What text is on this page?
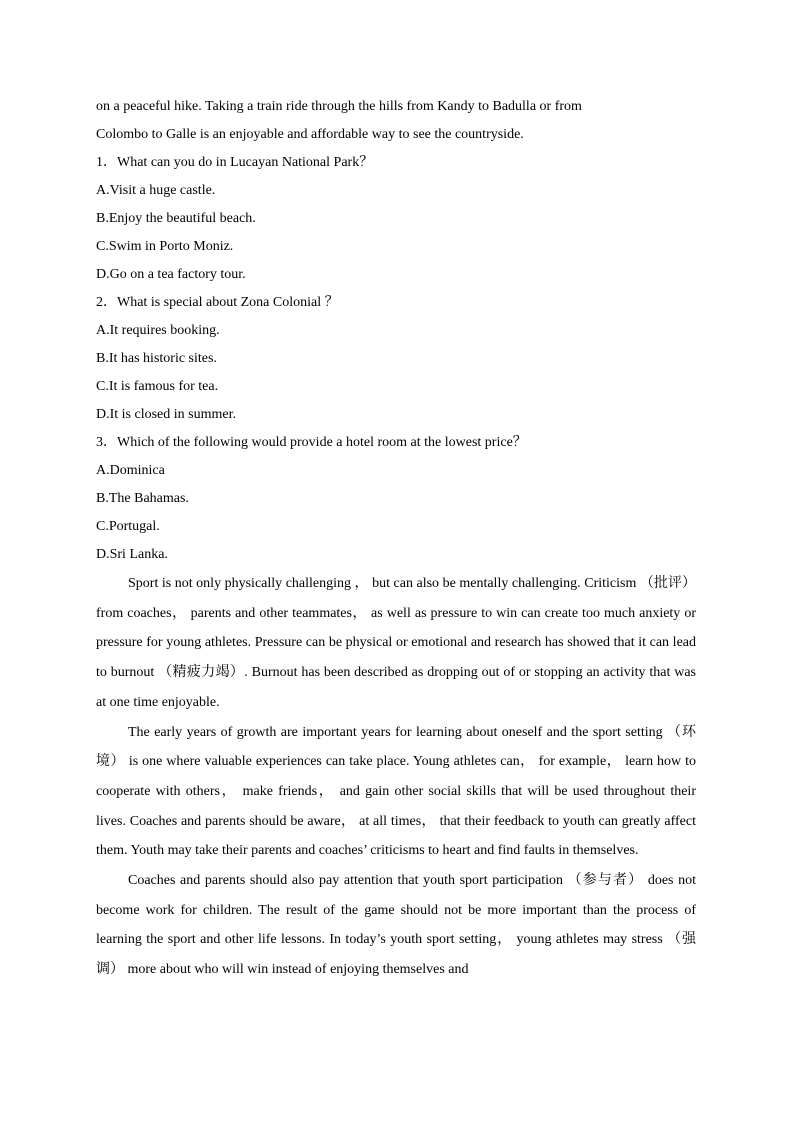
on a peaceful hike. Taking a train ride through the hills from Kandy to Badulla or from
Colombo to Galle is an enjoyable and affordable way to see the countryside.
1．What can you do in Lucayan National Park？
A.Visit a huge castle.
B.Enjoy the beautiful beach.
C.Swim in Porto Moniz.
D.Go on a tea factory tour.
2．What is special about Zona Colonial ？
A.It requires booking.
B.It has historic sites.
C.It is famous for tea.
D.It is closed in summer.
3．Which of the following would provide a hotel room at the lowest price？
A.Dominica
B.The Bahamas.
C.Portugal.
D.Sri Lanka.

Sport is not only physically challenging ， but can also be mentally challenging. Criticism （批评） from coaches， parents and other teammates， as well as pressure to win can create too much anxiety or pressure for young athletes. Pressure can be physical or emotional and research has showed that it can lead to burnout （精疲力竭）. Burnout has been described as dropping out of or stopping an activity that was at one time enjoyable.

The early years of growth are important years for learning about oneself and the sport setting （环境） is one where valuable experiences can take place. Young athletes can， for example， learn how to cooperate with others， make friends， and gain other social skills that will be used throughout their lives. Coaches and parents should be aware， at all times， that their feedback to youth can greatly affect them. Youth may take their parents and coaches’ criticisms to heart and find faults in themselves.

Coaches and parents should also pay attention that youth sport participation （参与者） does not become work for children. The result of the game should not be more important than the process of learning the sport and other life lessons. In today’s youth sport setting， young athletes may stress （强调） more about who will win instead of enjoying themselves and
